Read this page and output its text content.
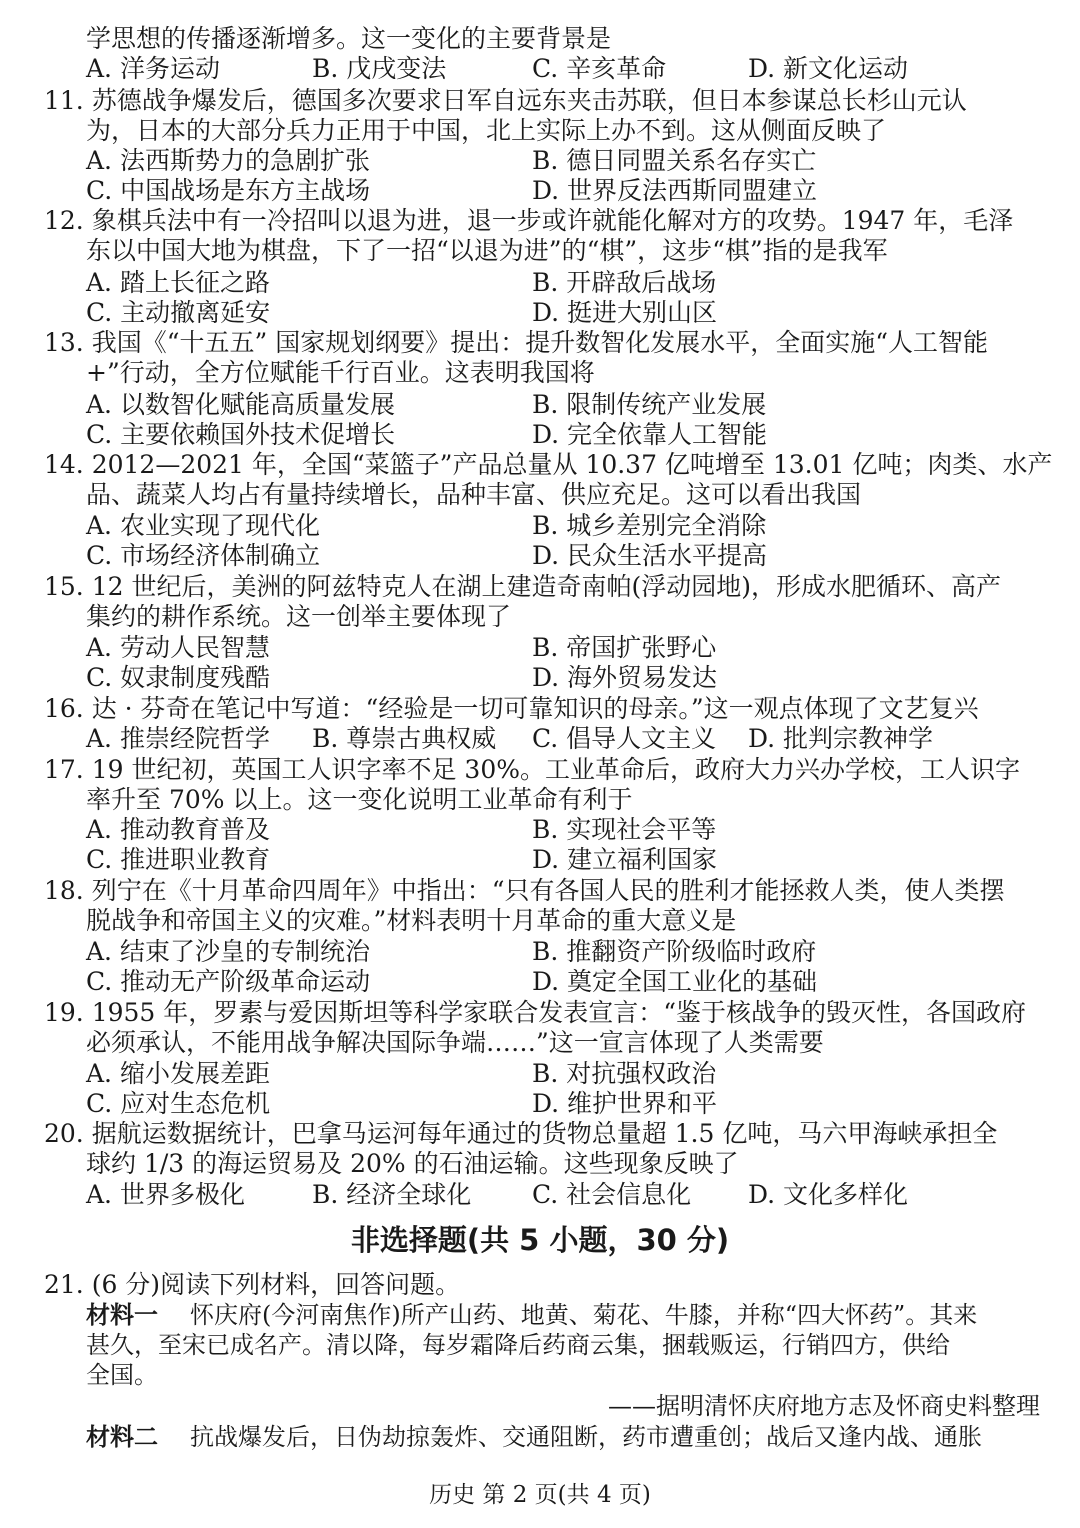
学思想的传播逐渐增多。这一变化的主要背景是
A. 洋务运动	B. 戊戌变法	C. 辛亥革命	D. 新文化运动
11. 苏德战争爆发后，德国多次要求日军自远东夹击苏联，但日本参谋总长杉山元认
为，日本的大部分兵力正用于中国，北上实际上办不到。这从侧面反映了
A. 法西斯势力的急剧扩张	B. 德日同盟关系名存实亡
C. 中国战场是东方主战场	D. 世界反法西斯同盟建立
12. 象棋兵法中有一冷招叫以退为进，退一步或许就能化解对方的攻势。1947 年，毛泽
东以中国大地为棋盘，下了一招“以退为进”的“棋”，这步“棋”指的是我军
A. 踏上长征之路	B. 开辟敌后战场
C. 主动撤离延安	D. 挺进大别山区
13. 我国《“十五五” 国家规划纲要》提出：提升数智化发展水平，全面实施“人工智能
+”行动，全方位赋能千行百业。这表明我国将
A. 以数智化赋能高质量发展	B. 限制传统产业发展
C. 主要依赖国外技术促增长	D. 完全依靠人工智能
14. 2012—2021 年，全国“菜篮子”产品总量从 10.37 亿吨增至 13.01 亿吨；肉类、水产
品、蔬菜人均占有量持续增长，品种丰富、供应充足。这可以看出我国
A. 农业实现了现代化	B. 城乡差别完全消除
C. 市场经济体制确立	D. 民众生活水平提高
15. 12 世纪后，美洲的阿兹特克人在湖上建造奇南帕(浮动园地)，形成水肥循环、高产
集约的耕作系统。这一创举主要体现了
A. 劳动人民智慧	B. 帝国扩张野心
C. 奴隶制度残酷	D. 海外贸易发达
16. 达 · 芬奇在笔记中写道：“经验是一切可靠知识的母亲。”这一观点体现了文艺复兴
A. 推崇经院哲学 B. 尊崇古典权威 C. 倡导人文主义 D. 批判宗教神学
17. 19 世纪初，英国工人识字率不足 30%。工业革命后，政府大力兴办学校，工人识字
率升至 70% 以上。这一变化说明工业革命有利于
A. 推动教育普及	B. 实现社会平等
C. 推进职业教育	D. 建立福利国家
18. 列宁在《十月革命四周年》中指出：“只有各国人民的胜利才能拯救人类，使人类摆
脱战争和帝国主义的灾难。”材料表明十月革命的重大意义是
A. 结束了沙皇的专制统治	B. 推翻资产阶级临时政府
C. 推动无产阶级革命运动	D. 奠定全国工业化的基础
19. 1955 年，罗素与爱因斯坦等科学家联合发表宣言：“鉴于核战争的毁灭性，各国政府
必须承认，不能用战争解决国际争端……”这一宣言体现了人类需要
A. 缩小发展差距	B. 对抗强权政治
C. 应对生态危机	D. 维护世界和平
20. 据航运数据统计，巴拿马运河每年通过的货物总量超 1.5 亿吨，马六甲海峡承担全
球约 1/3 的海运贸易及 20% 的石油运输。这些现象反映了
A. 世界多极化	B. 经济全球化 C. 社会信息化 D. 文化多样化
非选择题(共 5 小题，30 分)
21. (6 分)阅读下列材料，回答问题。
材料一 怀庆府(今河南焦作)所产山药、地黄、菊花、牛膝，并称“四大怀药”。其来
甚久，至宋已成名产。清以降，每岁霜降后药商云集，捆载贩运，行销四方，供给
全国。
——据明清怀庆府地方志及怀商史料整理
材料二 抗战爆发后，日伪劫掠轰炸、交通阻断，药市遭重创；战后又逢内战、通胀
历史 第 2 页(共 4 页)
